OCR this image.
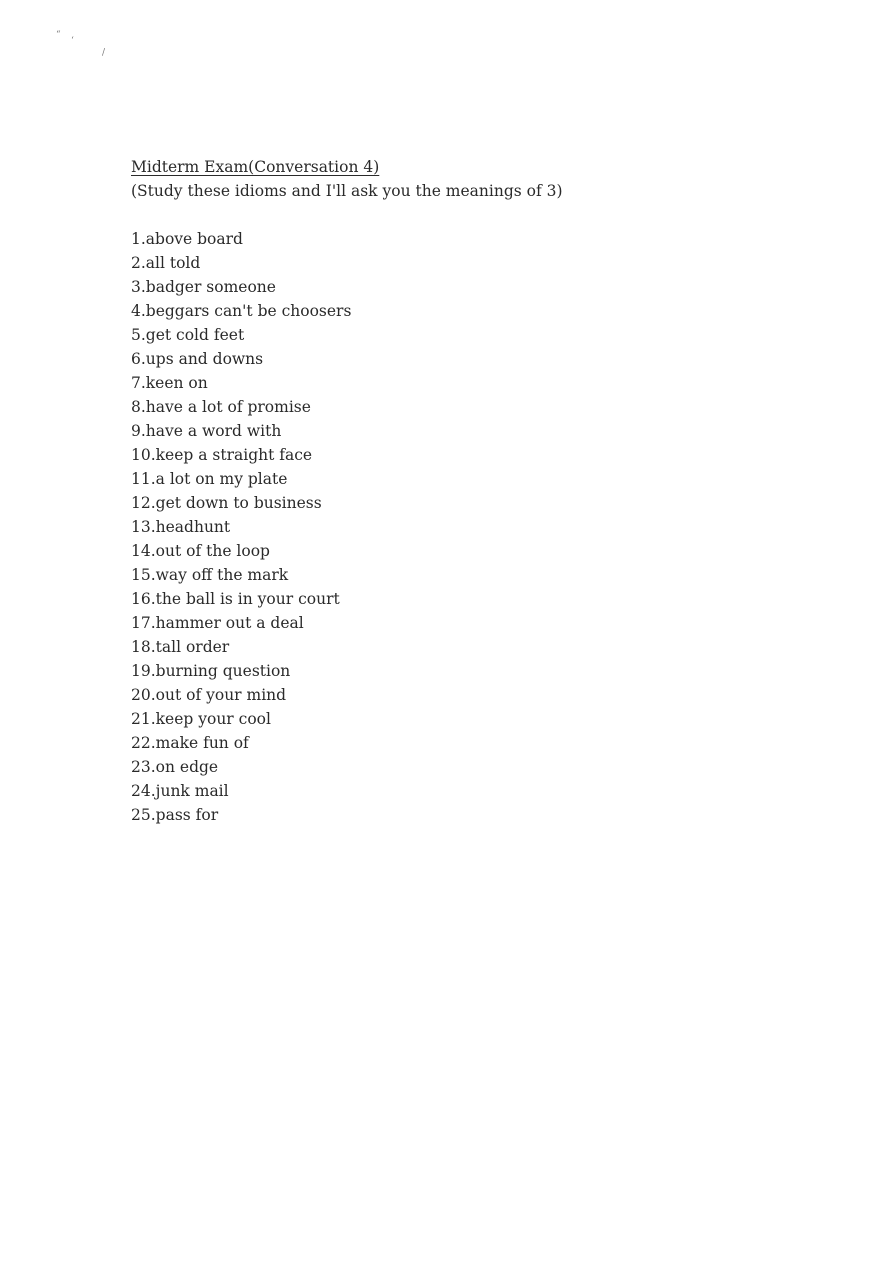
“
‘
/
Midterm Exam(Conversation 4)

(Study these idioms and I'll ask you the meanings of 3)

1.above board
2.all told
3.badger someone
4.beggars can't be choosers
5.get cold feet
6.ups and downs
7.keen on
8.have a lot of promise
9.have a word with
10.keep a straight face
11.a lot on my plate
12.get down to business
13.headhunt
14.out of the loop
15.way off the mark
16.the ball is in your court
17.hammer out a deal
18.tall order
19.burning question
20.out of your mind
21.keep your cool
22.make fun of
23.on edge
24.junk mail
25.pass for
